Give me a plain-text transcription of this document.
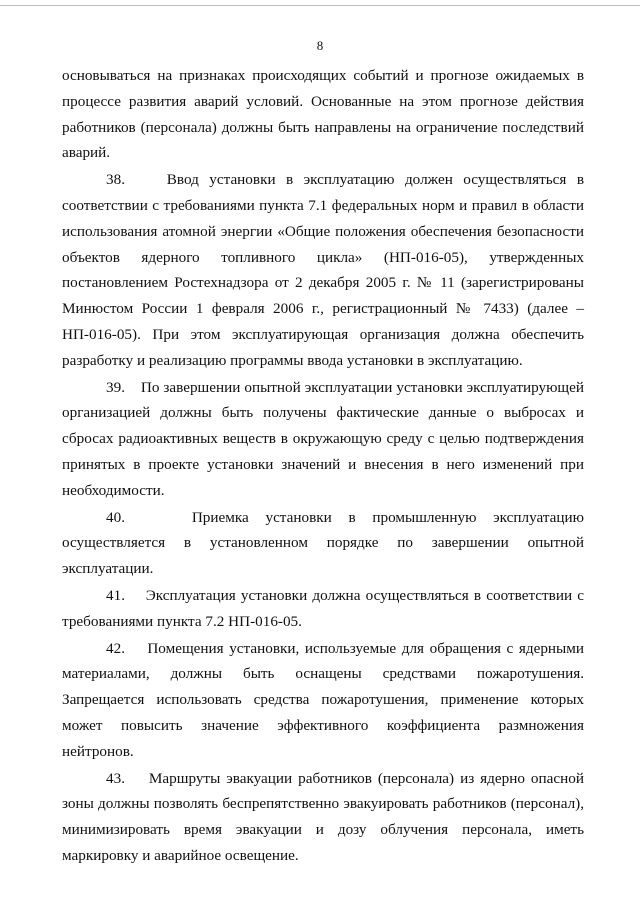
8

основываться на признаках происходящих событий и прогнозе ожидаемых в процессе развития аварий условий. Основанные на этом прогнозе действия работников (персонала) должны быть направлены на ограничение последствий аварий.

38.    Ввод установки в эксплуатацию должен осуществляться в соответствии с требованиями пункта 7.1 федеральных норм и правил в области использования атомной энергии «Общие положения обеспечения безопасности объектов ядерного топливного цикла» (НП-016-05), утвержденных постановлением Ростехнадзора от 2 декабря 2005 г. № 11 (зарегистрированы Минюстом России 1 февраля 2006 г., регистрационный № 7433) (далее – НП-016-05). При этом эксплуатирующая организация должна обеспечить разработку и реализацию программы ввода установки в эксплуатацию.

39.    По завершении опытной эксплуатации установки эксплуатирующей организацией должны быть получены фактические данные о выбросах и сбросах радиоактивных веществ в окружающую среду с целью подтверждения принятых в проекте установки значений и внесения в него изменений при необходимости.

40.    Приемка установки в промышленную эксплуатацию осуществляется в установленном порядке по завершении опытной эксплуатации.

41.    Эксплуатация установки должна осуществляться в соответствии с требованиями пункта 7.2 НП-016-05.

42.    Помещения установки, используемые для обращения с ядерными материалами, должны быть оснащены средствами пожаротушения. Запрещается использовать средства пожаротушения, применение которых может повысить значение эффективного коэффициента размножения нейтронов.

43.    Маршруты эвакуации работников (персонала) из ядерно опасной зоны должны позволять беспрепятственно эвакуировать работников (персонал), минимизировать время эвакуации и дозу облучения персонала, иметь маркировку и аварийное освещение.
